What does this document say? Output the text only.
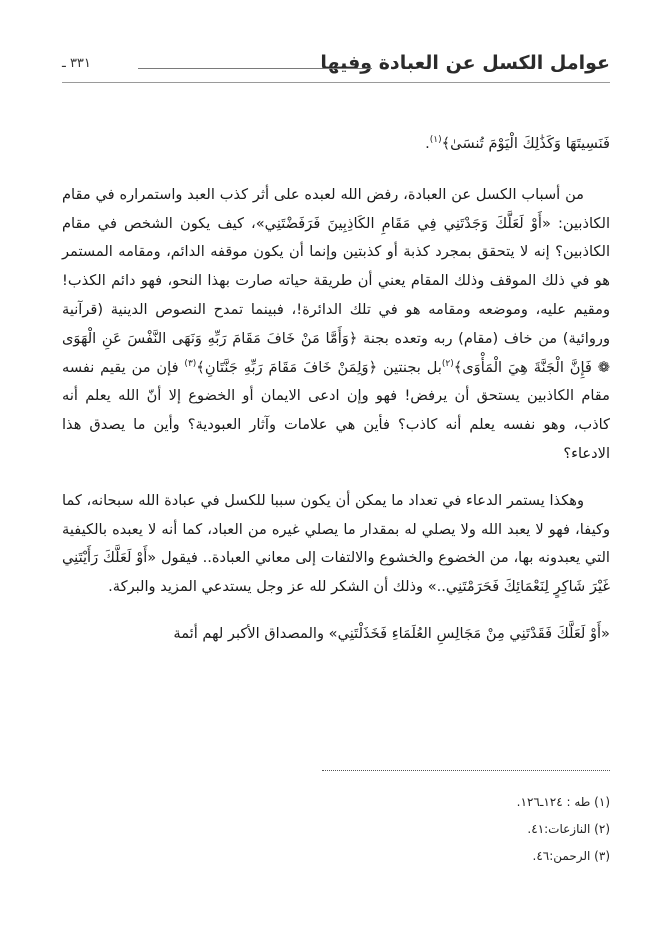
عوامل الكسل عن العبادة وفيها
٣٣١ ـ

فَنَسِيتَهَا وَكَذَٰلِكَ الْيَوْمَ تُنسَىٰ﴾$^{(١)}$.

من أسباب الكسل عن العبادة، رفض الله لعبده على أثر كذب العبد واستمراره في مقام الكاذبين: «أَوْ لَعَلَّكَ وَجَدْتَنِي فِي مَقَامِ الكَاذِبِينَ فَرَفَضْتَنِي»، كيف يكون الشخص في مقام الكاذبين؟ إنه لا يتحقق بمجرد كذبة أو كذبتين وإنما أن يكون موقفه الدائم، ومقامه المستمر هو في ذلك الموقف وذلك المقام يعني أن طريقة حياته صارت بهذا النحو، فهو دائم الكذب! ومقيم عليه، وموضعه ومقامه هو في تلك الدائرة!، فبينما تمدح النصوص الدينية (قرآنية وروائية) من خاف (مقام) ربه وتعده بجنة ﴿وَأَمَّا مَنْ خَافَ مَقَامَ رَبِّهِ وَنَهَى النَّفْسَ عَنِ الْهَوَى ❁ فَإِنَّ الْجَنَّةَ هِيَ الْمَأْوَى﴾$^{(٢)}$بل بجنتين ﴿وَلِمَنْ خَافَ مَقَامَ رَبِّهِ جَنَّتَانِ﴾$^{(٣)}$ فإن من يقيم نفسه مقام الكاذبين يستحق أن يرفض! فهو وإن ادعى الايمان أو الخضوع إلا أنّ الله يعلم أنه كاذب، وهو نفسه يعلم أنه كاذب؟ فأين هي علامات وآثار العبودية؟ وأين ما يصدق هذا الادعاء؟

وهكذا يستمر الدعاء في تعداد ما يمكن أن يكون سببا للكسل في عبادة الله سبحانه، كما وكيفا، فهو لا يعبد الله ولا يصلي له بمقدار ما يصلي غيره من العباد، كما أنه لا يعبده بالكيفية التي يعبدونه بها، من الخضوع والخشوع والالتفات إلى معاني العبادة.. فيقول «أَوْ لَعَلَّكَ رَأَيْتَنِي غَيْرَ شَاكِرٍ لِنَعْمَائِكَ فَحَرَمْتَنِي..» وذلك أن الشكر لله عز وجل يستدعي المزيد والبركة.

«أَوْ لَعَلَّكَ فَقَدْتَنِي مِنْ مَجَالِسِ العُلَمَاءِ فَخَذَلْتَنِي» والمصداق الأكبر لهم أئمة

(١) طه : ١٢٤ـ١٢٦.
(٢) النازعات:٤١.
(٣) الرحمن:٤٦.
